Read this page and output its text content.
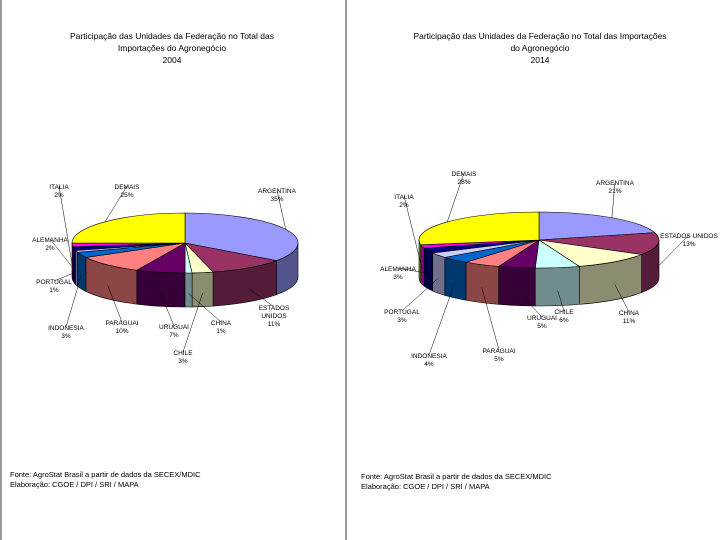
Participação das Unidades da Federação no Total das
Importações do Agronegócio
2004
ARGENTINA
35%
ESTADOS
UNIDOS
11%
CHILE
3%
CHINA
1%
URUGUAI
7%
PARAGUAI
10%
INDONESIA
3%
PORTUGAL
1%
ALEMANHA
2%
ITALIA
2%
DEMAIS
25%
Fonte: AgroStat Brasil a partir de dados da SECEX/MDIC
Elaboração: CGOE / DPI / SRI / MAPA
Participação das Unidades da Federação no Total das Importações
do Agronegócio
2014
ARGENTINA
21%
ESTADOS UNIDOS
13%
CHINA
11%
CHILE
6%
URUGUAI
5%
PARAGUAI
5%
INDONESIA
4%
PORTUGAL
3%
ALEMANHA
3%
ITALIA
2%
DEMAIS
28%
Fonte: AgroStat Brasil a partir de dados da SECEX/MDIC
Elaboração: CGOE / DPI / SRI / MAPA
